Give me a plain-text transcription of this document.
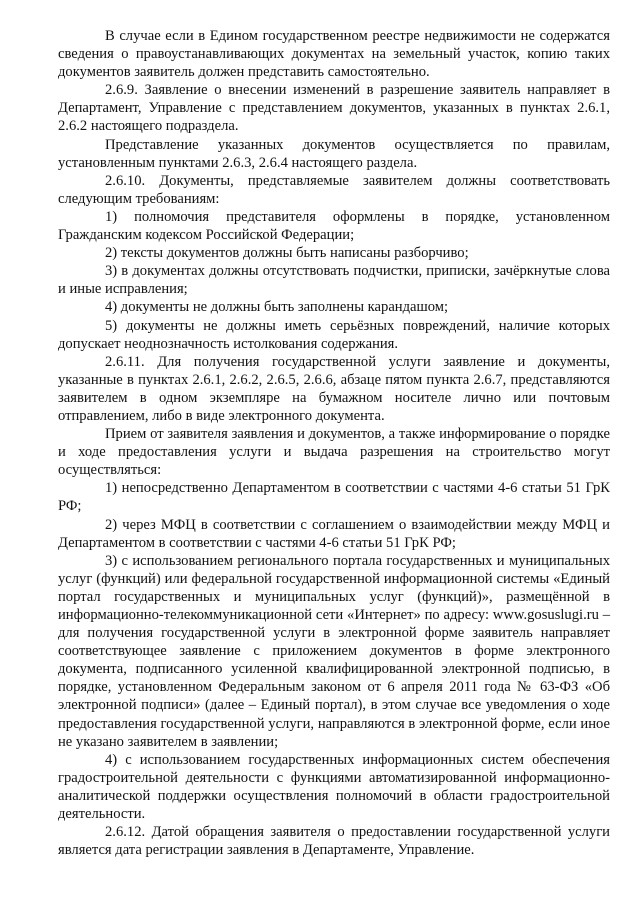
В случае если в Едином государственном реестре недвижимости не содержатся сведения о правоустанавливающих документах на земельный участок, копию таких документов заявитель должен представить самостоятельно.

2.6.9. Заявление о внесении изменений в разрешение заявитель направляет в Департамент, Управление с представлением документов, указанных в пунктах 2.6.1, 2.6.2 настоящего подраздела.

Представление указанных документов осуществляется по правилам, установленным пунктами 2.6.3, 2.6.4 настоящего раздела.

2.6.10. Документы, представляемые заявителем должны соответствовать следующим требованиям:

1) полномочия представителя оформлены в порядке, установленном Гражданским кодексом Российской Федерации;

2) тексты документов должны быть написаны разборчиво;

3) в документах должны отсутствовать подчистки, приписки, зачёркнутые слова и иные исправления;

4) документы не должны быть заполнены карандашом;

5) документы не должны иметь серьёзных повреждений, наличие которых допускает неоднозначность истолкования содержания.

2.6.11. Для получения государственной услуги заявление и документы, указанные в пунктах 2.6.1, 2.6.2, 2.6.5, 2.6.6, абзаце пятом пункта 2.6.7, представляются заявителем в одном экземпляре на бумажном носителе лично или почтовым отправлением, либо в виде электронного документа.

Прием от заявителя заявления и документов, а также информирование о порядке и ходе предоставления услуги и выдача разрешения на строительство могут осуществляться:

1) непосредственно Департаментом в соответствии с частями 4-6 статьи 51 ГрК РФ;

2) через МФЦ в соответствии с соглашением о взаимодействии между МФЦ и Департаментом в соответствии с частями 4-6 статьи 51 ГрК РФ;

3) с использованием регионального портала государственных и муниципальных услуг (функций) или федеральной государственной информационной системы «Единый портал государственных и муниципальных услуг (функций)», размещённой в информационно-телекоммуникационной сети «Интернет» по адресу: www.gosuslugi.ru – для получения государственной услуги в электронной форме заявитель направляет соответствующее заявление с приложением документов в форме электронного документа, подписанного усиленной квалифицированной электронной подписью, в порядке, установленном Федеральным законом от 6 апреля 2011 года № 63-ФЗ «Об электронной подписи» (далее – Единый портал), в этом случае все уведомления о ходе предоставления государственной услуги, направляются в электронной форме, если иное не указано заявителем в заявлении;

4) с использованием государственных информационных систем обеспечения градостроительной деятельности с функциями автоматизированной информационно-аналитической поддержки осуществления полномочий в области градостроительной деятельности.

2.6.12. Датой обращения заявителя о предоставлении государственной услуги является дата регистрации заявления в Департаменте, Управление.
